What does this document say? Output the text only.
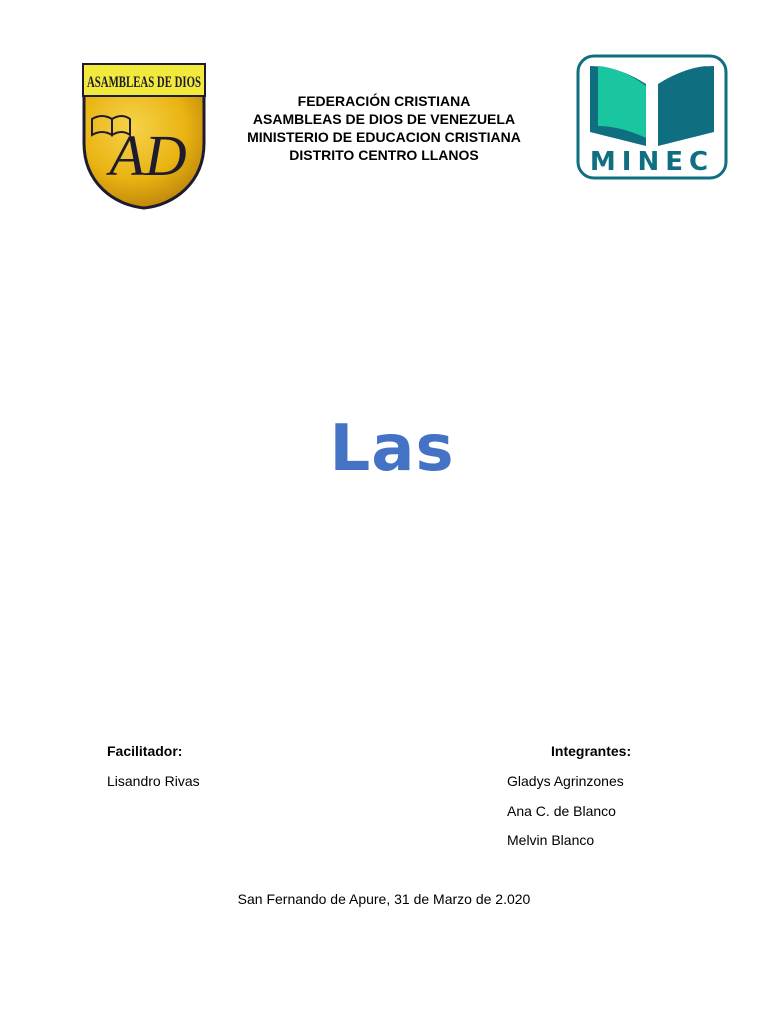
ASAMBLEAS DE DIOS
AD
FEDERACIÓN CRISTIANA
ASAMBLEAS DE DIOS DE VENEZUELA
MINISTERIO DE EDUCACION CRISTIANA
DISTRITO CENTRO LLANOS	MINEC
Las
Facilitador:
Lisandro Rivas
Integrantes:
Gladys Agrinzones
Ana C. de Blanco
Melvin Blanco
San Fernando de Apure, 31 de Marzo de 2.020
